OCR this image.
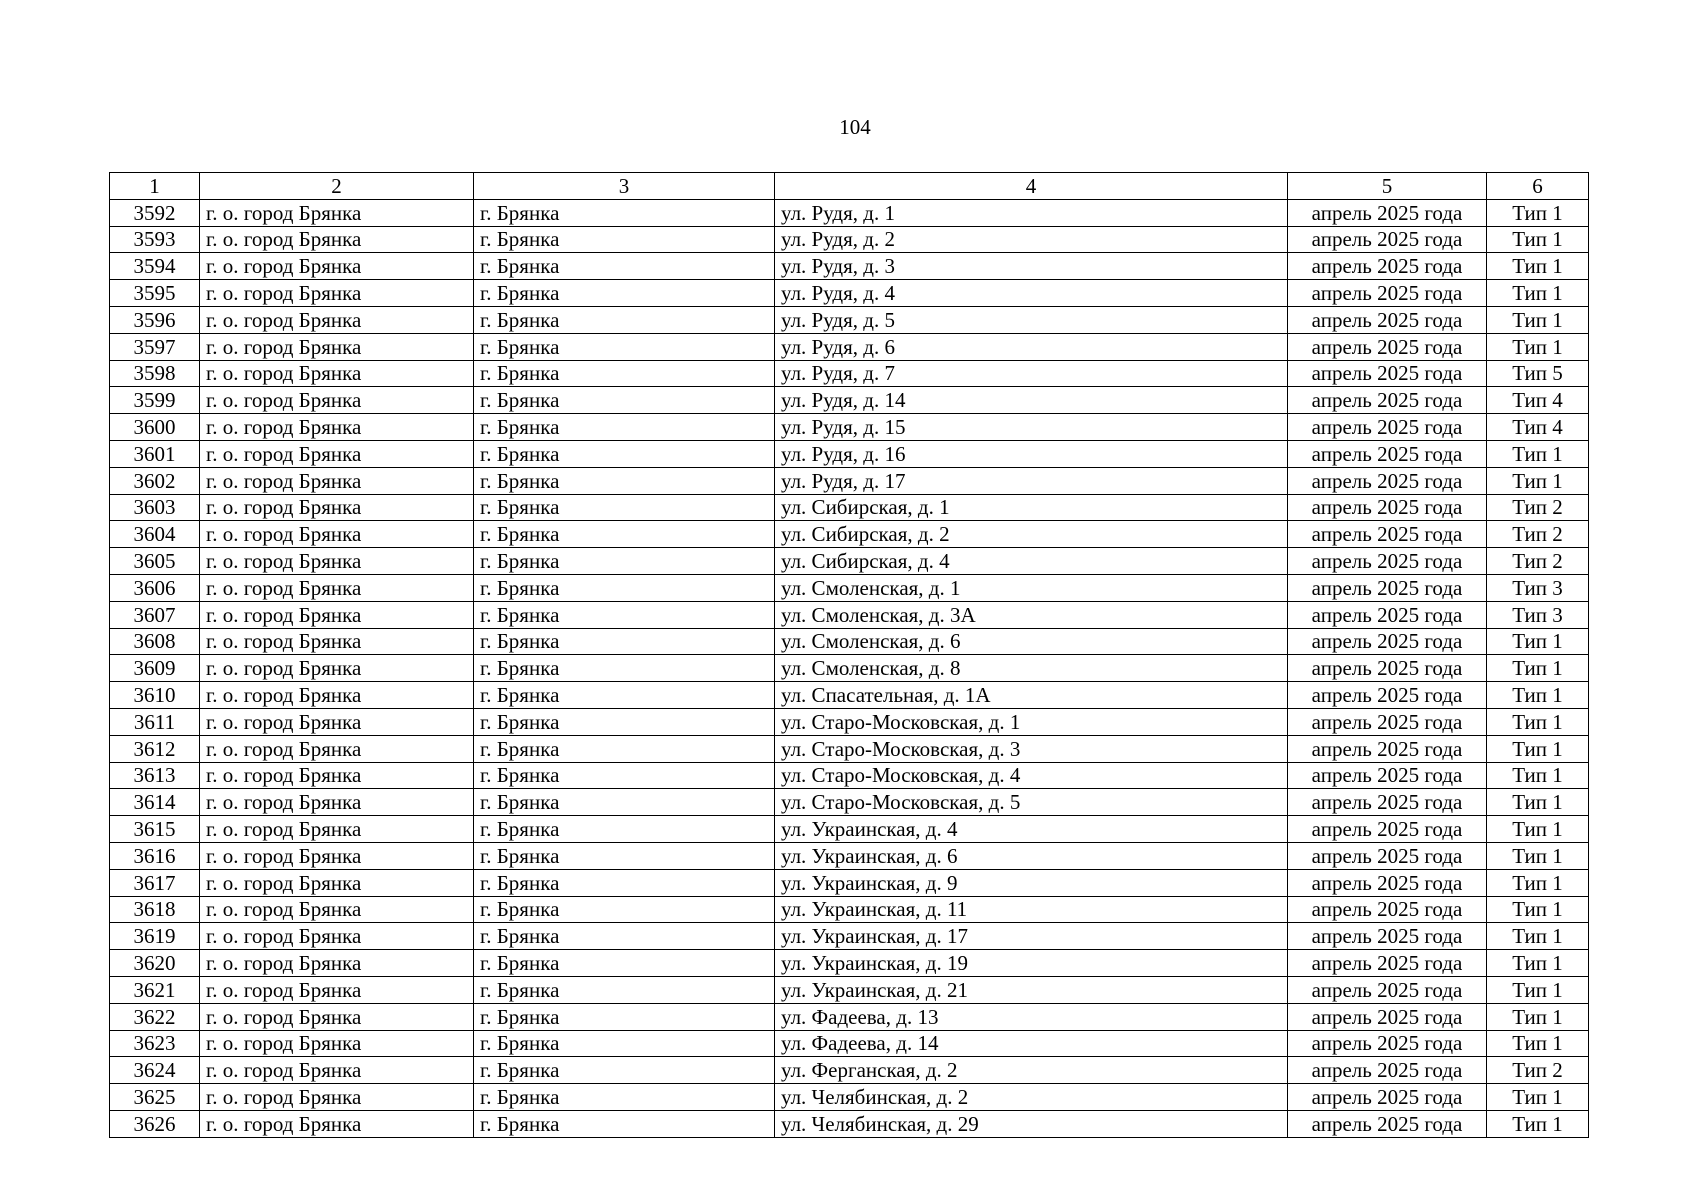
104
1	2	3	4	5	6
3592	г. о. город Брянка	г. Брянка	ул. Рудя, д. 1	апрель 2025 года	Тип 1
3593	г. о. город Брянка	г. Брянка	ул. Рудя, д. 2	апрель 2025 года	Тип 1
3594	г. о. город Брянка	г. Брянка	ул. Рудя, д. 3	апрель 2025 года	Тип 1
3595	г. о. город Брянка	г. Брянка	ул. Рудя, д. 4	апрель 2025 года	Тип 1
3596	г. о. город Брянка	г. Брянка	ул. Рудя, д. 5	апрель 2025 года	Тип 1
3597	г. о. город Брянка	г. Брянка	ул. Рудя, д. 6	апрель 2025 года	Тип 1
3598	г. о. город Брянка	г. Брянка	ул. Рудя, д. 7	апрель 2025 года	Тип 5
3599	г. о. город Брянка	г. Брянка	ул. Рудя, д. 14	апрель 2025 года	Тип 4
3600	г. о. город Брянка	г. Брянка	ул. Рудя, д. 15	апрель 2025 года	Тип 4
3601	г. о. город Брянка	г. Брянка	ул. Рудя, д. 16	апрель 2025 года	Тип 1
3602	г. о. город Брянка	г. Брянка	ул. Рудя, д. 17	апрель 2025 года	Тип 1
3603	г. о. город Брянка	г. Брянка	ул. Сибирская, д. 1	апрель 2025 года	Тип 2
3604	г. о. город Брянка	г. Брянка	ул. Сибирская, д. 2	апрель 2025 года	Тип 2
3605	г. о. город Брянка	г. Брянка	ул. Сибирская, д. 4	апрель 2025 года	Тип 2
3606	г. о. город Брянка	г. Брянка	ул. Смоленская, д. 1	апрель 2025 года	Тип 3
3607	г. о. город Брянка	г. Брянка	ул. Смоленская, д. 3А	апрель 2025 года	Тип 3
3608	г. о. город Брянка	г. Брянка	ул. Смоленская, д. 6	апрель 2025 года	Тип 1
3609	г. о. город Брянка	г. Брянка	ул. Смоленская, д. 8	апрель 2025 года	Тип 1
3610	г. о. город Брянка	г. Брянка	ул. Спасательная, д. 1А	апрель 2025 года	Тип 1
3611	г. о. город Брянка	г. Брянка	ул. Старо-Московская, д. 1	апрель 2025 года	Тип 1
3612	г. о. город Брянка	г. Брянка	ул. Старо-Московская, д. 3	апрель 2025 года	Тип 1
3613	г. о. город Брянка	г. Брянка	ул. Старо-Московская, д. 4	апрель 2025 года	Тип 1
3614	г. о. город Брянка	г. Брянка	ул. Старо-Московская, д. 5	апрель 2025 года	Тип 1
3615	г. о. город Брянка	г. Брянка	ул. Украинская, д. 4	апрель 2025 года	Тип 1
3616	г. о. город Брянка	г. Брянка	ул. Украинская, д. 6	апрель 2025 года	Тип 1
3617	г. о. город Брянка	г. Брянка	ул. Украинская, д. 9	апрель 2025 года	Тип 1
3618	г. о. город Брянка	г. Брянка	ул. Украинская, д. 11	апрель 2025 года	Тип 1
3619	г. о. город Брянка	г. Брянка	ул. Украинская, д. 17	апрель 2025 года	Тип 1
3620	г. о. город Брянка	г. Брянка	ул. Украинская, д. 19	апрель 2025 года	Тип 1
3621	г. о. город Брянка	г. Брянка	ул. Украинская, д. 21	апрель 2025 года	Тип 1
3622	г. о. город Брянка	г. Брянка	ул. Фадеева, д. 13	апрель 2025 года	Тип 1
3623	г. о. город Брянка	г. Брянка	ул. Фадеева, д. 14	апрель 2025 года	Тип 1
3624	г. о. город Брянка	г. Брянка	ул. Ферганская, д. 2	апрель 2025 года	Тип 2
3625	г. о. город Брянка	г. Брянка	ул. Челябинская, д. 2	апрель 2025 года	Тип 1
3626	г. о. город Брянка	г. Брянка	ул. Челябинская, д. 29	апрель 2025 года	Тип 1
